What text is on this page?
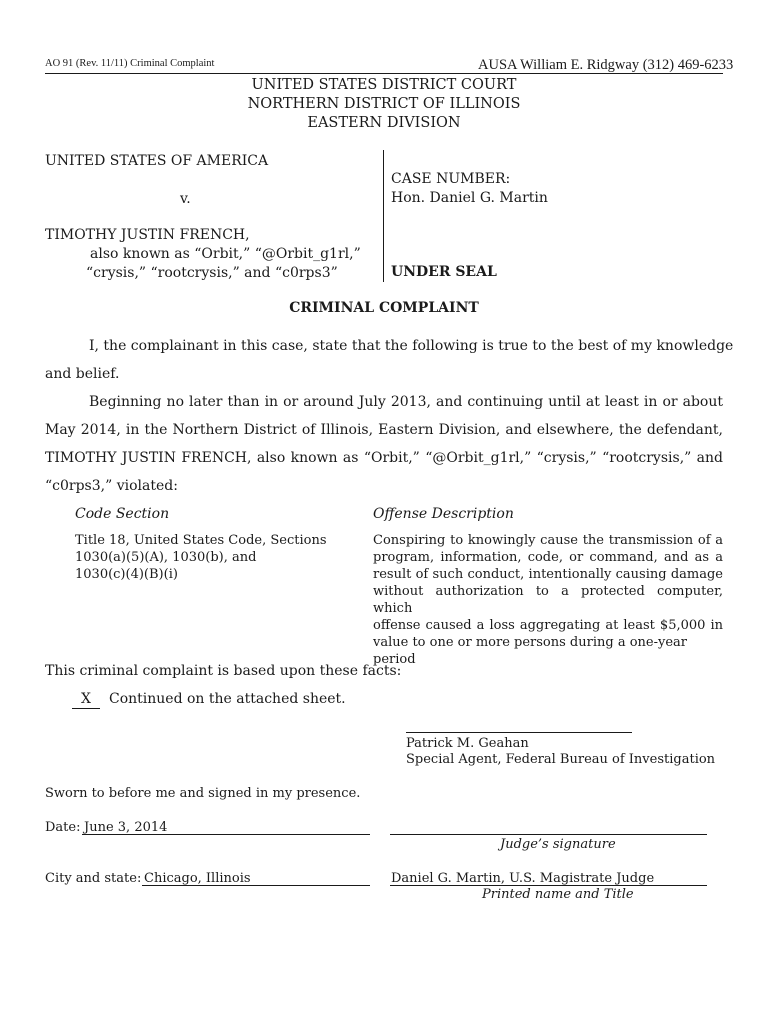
AO 91 (Rev. 11/11) Criminal Complaint	AUSA William E. Ridgway (312) 469-6233
UNITED STATES DISTRICT COURT
NORTHERN DISTRICT OF ILLINOIS
EASTERN DIVISION
UNITED STATES OF AMERICA
v.
TIMOTHY JUSTIN FRENCH,
also known as “Orbit,” “@Orbit_g1rl,”
“crysis,” “rootcrysis,” and “c0rps3”
CASE NUMBER:
Hon. Daniel G. Martin
UNDER SEAL
CRIMINAL COMPLAINT
I, the complainant in this case, state that the following is true to the best of my knowledge
and belief.
Beginning no later than in or around July 2013, and continuing until at least in or about
May 2014, in the Northern District of Illinois, Eastern Division, and elsewhere, the defendant,
TIMOTHY JUSTIN FRENCH, also known as “Orbit,” “@Orbit_g1rl,” “crysis,” “rootcrysis,” and
“c0rps3,” violated:
Code Section	Offense Description
Title 18, United States Code, Sections
1030(a)(5)(A), 1030(b), and
1030(c)(4)(B)(i)
Conspiring to knowingly cause the transmission of a
program, information, code, or command, and as a
result of such conduct, intentionally causing damage
without authorization to a protected computer, which
offense caused a loss aggregating at least $5,000 in
value to one or more persons during a one-year period
This criminal complaint is based upon these facts:
X	Continued on the attached sheet.
Patrick M. Geahan
Special Agent, Federal Bureau of Investigation
Sworn to before me and signed in my presence.
Date: June 3, 2014
Judge’s signature
City and state: Chicago, Illinois	Daniel G. Martin, U.S. Magistrate Judge
Printed name and Title
